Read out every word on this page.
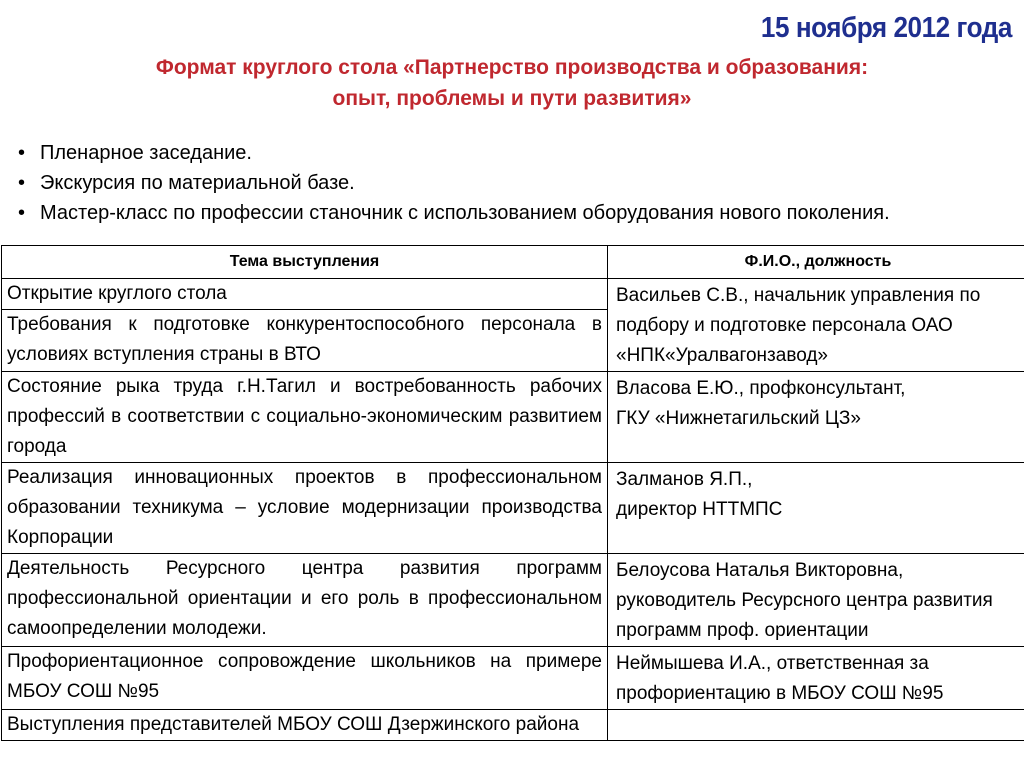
15 ноября 2012 года
Формат круглого стола «Партнерство производства и образования:
опыт, проблемы и пути развития»
• Пленарное заседание.
• Экскурсия по материальной базе.
• Мастер-класс по профессии станочник с использованием оборудования нового поколения.
Тема выступления	Ф.И.О., должность
Открытие круглого стола	Васильев С.В., начальник управления по подбору и подготовке персонала ОАО «НПК«Уралвагонзавод»
Требования к подготовке конкурентоспособного персонала в условиях вступления страны в ВТО	
Состояние рыка труда г.Н.Тагил и востребованность рабочих профессий в соответствии с социально-экономическим развитием города	Власова Е.Ю., профконсультант,
ГКУ «Нижнетагильский ЦЗ»

Реализация инновационных проектов в профессиональном образовании техникума – условие модернизации производства Корпорации	Залманов Я.П.,
директор НТТМПС

Деятельность Ресурсного центра развития программ профессиональной ориентации и его роль в профессиональном самоопределении молодежи.	Белоусова Наталья Викторовна, руководитель Ресурсного центра развития программ проф. ориентации
Профориентационное сопровождение школьников на примере МБОУ СОШ №95	Неймышева И.А., ответственная за профориентацию в МБОУ СОШ №95
Выступления представителей МБОУ СОШ Дзержинского района	
